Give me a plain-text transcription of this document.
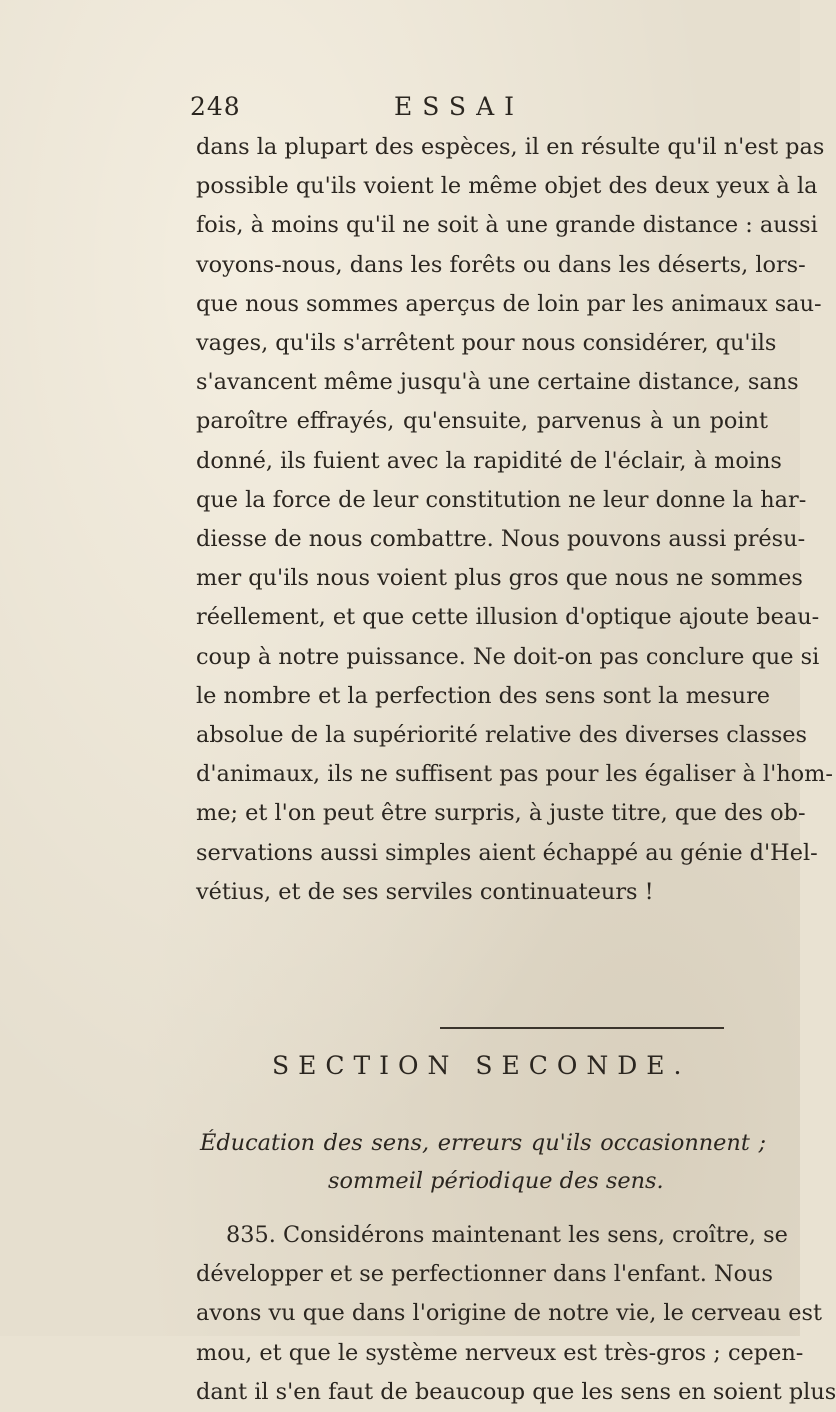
248	ESSAI
dans la plupart des espèces, il en résulte qu'il n'est pas
possible qu'ils voient le même objet des deux yeux à la
fois, à moins qu'il ne soit à une grande distance : aussi
voyons-nous, dans les forêts ou dans les déserts, lors-
que nous sommes aperçus de loin par les animaux sau-
vages, qu'ils s'arrêtent pour nous considérer, qu'ils
s'avancent même jusqu'à une certaine distance, sans
paroître effrayés, qu'ensuite, parvenus à un point
donné, ils fuient avec la rapidité de l'éclair, à moins
que la force de leur constitution ne leur donne la har-
diesse de nous combattre. Nous pouvons aussi présu-
mer qu'ils nous voient plus gros que nous ne sommes
réellement, et que cette illusion d'optique ajoute beau-
coup à notre puissance. Ne doit-on pas conclure que si
le nombre et la perfection des sens sont la mesure
absolue de la supériorité relative des diverses classes
d'animaux, ils ne suffisent pas pour les égaliser à l'hom-
me; et l'on peut être surpris, à juste titre, que des ob-
servations aussi simples aient échappé au génie d'Hel-
vétius, et de ses serviles continuateurs !
SECTION SECONDE.
Éducation des sens, erreurs qu'ils occasionnent ;
sommeil périodique des sens.
835. Considérons maintenant les sens, croître, se
développer et se perfectionner dans l'enfant. Nous
avons vu que dans l'origine de notre vie, le cerveau est
mou, et que le système nerveux est très-gros ; cepen-
dant il s'en faut de beaucoup que les sens en soient plus
